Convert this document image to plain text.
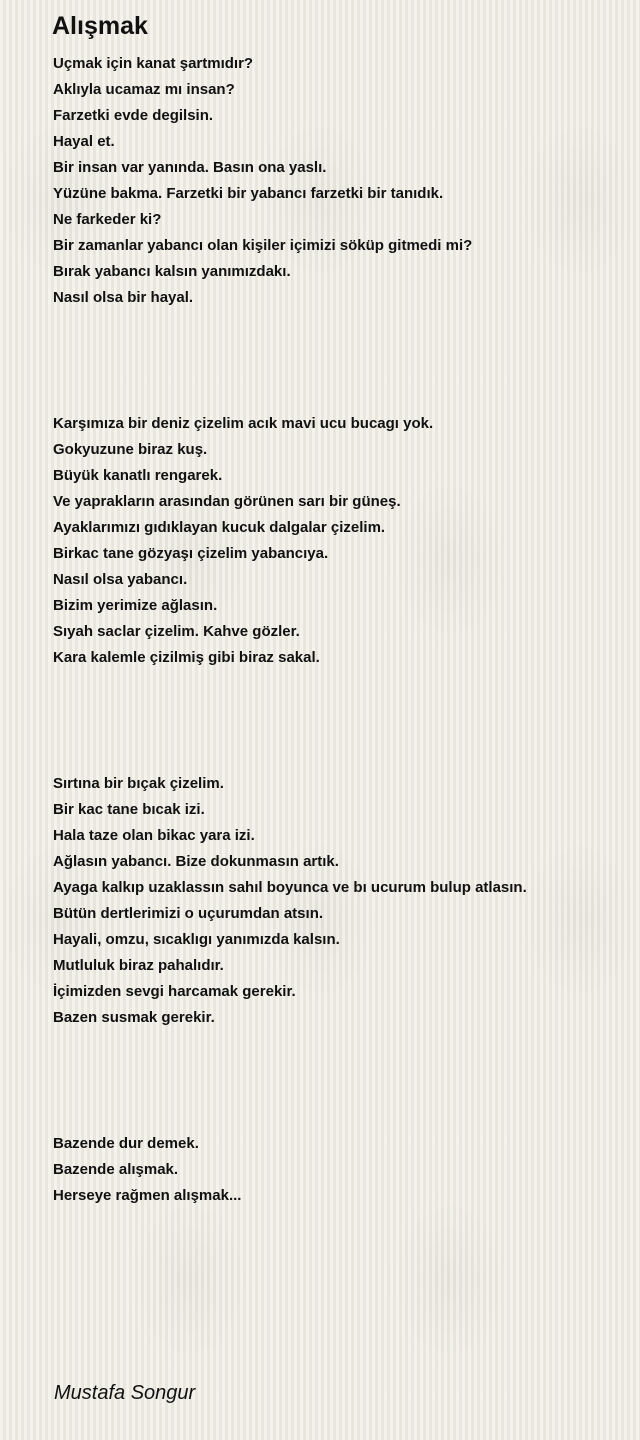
Alışmak
Uçmak için kanat şartmıdır?
Aklıyla ucamaz mı insan?
Farzetki evde degilsin.
Hayal et.
Bir insan var yanında. Basın ona yaslı.
Yüzüne bakma. Farzetki bir yabancı farzetki bir tanıdık.
Ne farkeder ki?
Bir zamanlar yabancı olan kişiler içimizi söküp gitmedi mi?
Bırak yabancı kalsın yanımızdakı.
Nasıl olsa bir hayal.
Karşımıza bir deniz çizelim acık mavi ucu bucagı yok.
Gokyuzune biraz kuş.
Büyük kanatlı rengarek.
Ve yaprakların arasından görünen sarı bir güneş.
Ayaklarımızı gıdıklayan kucuk dalgalar çizelim.
Birkac tane gözyaşı çizelim yabancıya.
Nasıl olsa yabancı.
Bizim yerimize ağlasın.
Sıyah saclar çizelim. Kahve gözler.
Kara kalemle çizilmiş gibi biraz sakal.
Sırtına bir bıçak çizelim.
Bir kac tane bıcak izi.
Hala taze olan bikac yara izi.
Ağlasın yabancı. Bize dokunmasın artık.
Ayaga kalkıp uzaklassın sahıl boyunca ve bı ucurum bulup atlasın.
Bütün dertlerimizi o uçurumdan atsın.
Hayali, omzu, sıcaklıgı yanımızda kalsın.
Mutluluk biraz pahalıdır.
İçimizden sevgi harcamak gerekir.
Bazen susmak gerekir.
Bazende dur demek.
Bazende alışmak.
Herseye rağmen alışmak...

Mustafa Songur
